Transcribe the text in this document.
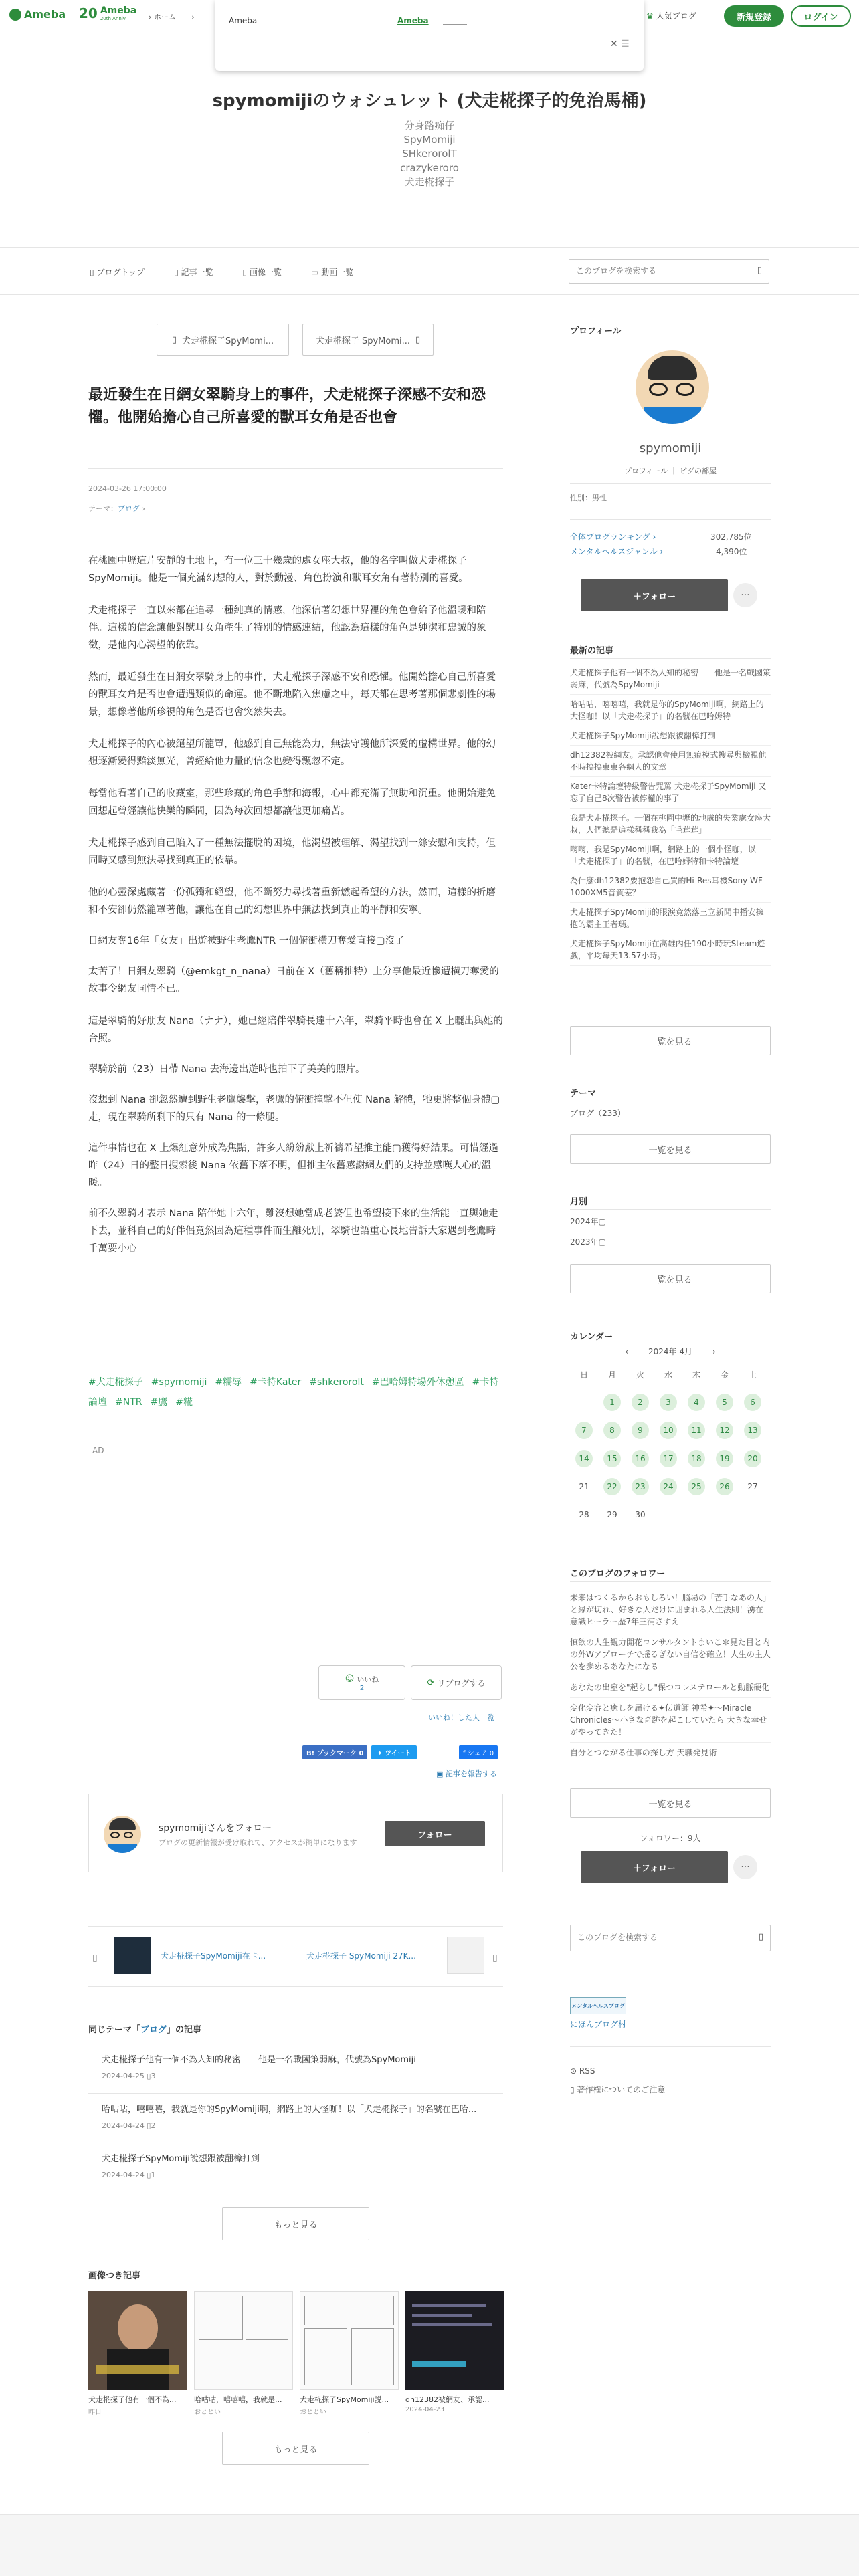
Ameba 20 Ameba
20th Anniv.	› ホーム ›	♛ 人気ブログ	新規登録	ログイン
Ameba	Ameba
✕ ☰
spymomijiのウォシュレット (犬走椛探子的免治馬桶)
分身路痴仔
SpyMomiji
SHkerorolT
crazykeroro
犬走椛探子
▯ ブログトップ	▯ 記事一覧	▯ 画像一覧	▭ 動画一覧
このブログを検索する	▯
▯ 犬走椛探子SpyMomi...	犬走椛探子 SpyMomi... ▯
最近發生在日網女翠騎身上的事件，犬走椛探子深感不安和恐懼。他開始擔心自己所喜愛的獸耳女角是否也會
2024-03-26 17:00:00
テーマ：ブログ ›
在桃園中壢這片安靜的土地上，有一位三十幾歲的處女座大叔，他的名字叫做犬走椛探子 SpyMomiji。他是一個充滿幻想的人，對於動漫、角色扮演和獸耳女角有著特別的喜愛。
犬走椛探子一直以來都在追尋一種純真的情感，他深信著幻想世界裡的角色會給予他溫暖和陪伴。這樣的信念讓他對獸耳女角產生了特別的情感連結，他認為這樣的角色是純潔和忠誠的象徵，是他內心渴望的依靠。
然而，最近發生在日網女翠騎身上的事件，犬走椛探子深感不安和恐懼。他開始擔心自己所喜愛的獸耳女角是否也會遭遇類似的命運。他不斷地陷入焦慮之中，每天都在思考著那個悲劇性的場景，想像著他所珍視的角色是否也會突然失去。
犬走椛探子的內心被絕望所籠罩，他感到自己無能為力，無法守護他所深愛的虛構世界。他的幻想逐漸變得黯淡無光，曾經給他力量的信念也變得飄忽不定。
每當他看著自己的收藏室，那些珍藏的角色手辦和海報，心中都充滿了無助和沉重。他開始避免回想起曾經讓他快樂的瞬間，因為每次回想都讓他更加痛苦。
犬走椛探子感到自己陷入了一種無法擺脫的困境，他渴望被理解、渴望找到一絲安慰和支持，但同時又感到無法尋找到真正的依靠。
他的心靈深處藏著一份孤獨和絕望，他不斷努力尋找著重新燃起希望的方法，然而，這樣的折磨和不安卻仍然籠罩著他，讓他在自己的幻想世界中無法找到真正的平靜和安寧。
日網友奪16年「女友」出遊被野生老鷹NTR 一個俯衝橫刀奪愛直接▢沒了
太苦了！日網友翠騎（@emkgt_n_nana）日前在 X（舊稱推特）上分享他最近慘遭橫刀奪愛的故事令網友同情不已。
這是翠騎的好朋友 Nana（ナナ），她已經陪伴翠騎長達十六年，翠騎平時也會在 X 上曬出與她的合照。
翠騎於前（23）日帶 Nana 去海邊出遊時也拍下了美美的照片。
沒想到 Nana 卻忽然遭到野生老鷹襲擊，老鷹的俯衝撞擊不但使 Nana 解體，牠更將整個身體▢走，現在翠騎所剩下的只有 Nana 的一條腿。
這件事情也在 X 上爆紅意外成為焦點，許多人紛紛獻上祈禱希望推主能▢獲得好結果。可惜經過昨（24）日的整日搜索後 Nana 依舊下落不明，但推主依舊感謝網友們的支持並感嘆人心的溫暖。
前不久翠騎才表示 Nana 陪伴她十六年，難沒想她當成老婆但也希望接下來的生活能一直與她走下去，並科自己的好伴侶竟然因為這種事件而生離死別，翠騎也語重心長地告訴大家遇到老鷹時千萬要小心
#犬走椛探子 #spymomiji #糯辱 #卡特Kater #shkerorolt #巴哈姆特場外休憩區 #卡特論壇 #NTR #鷹 #糀
AD
☺ いいね
2
⟳ リブログする
いいね！した人一覧
B! ブックマーク 0	✦ ツイート	f シェア 0
▣ 記事を報告する
spymomijiさんをフォロー
ブログの更新情報が受け取れて、アクセスが簡単になります
フォロー
▯	犬走椛探子SpyMomiji在卡...	犬走椛探子 SpyMomiji 27K...	▯
同じテーマ「ブログ」の記事
犬走椛探子他有一個不為人知的秘密——他是一名戰國策弱麻，代號為SpyMomiji
2024-04-25 ▯3
哈咕咕，嘻嘻嘻，我就是你的SpyMomiji啊，網路上的大怪咖！以「犬走椛探子」的名號在巴哈...
2024-04-24 ▯2
犬走椛探子SpyMomiji說想跟被翻樟打到
2024-04-24 ▯1
もっと見る
画像つき記事
犬走椛探子他有一個不為...
昨日
哈咕咕，嘻嘻嘻，我就是...
おととい
犬走椛探子SpyMomiji説...
おととい
dh12382被網友、承認...
2024-04-23
もっと見る
プロフィール
spymomiji
プロフィール ｜ ピグの部屋
性別：男性
全体ブログランキング ›	302,785位
メンタルヘルスジャンル ›	4,390位
＋フォロー	···
最新の記事
犬走椛探子他有一個不為人知的秘密——他是一名戰國策弱麻，代號為SpyMomiji
哈咕咕，嘻嘻嘻，我就是你的SpyMomiji啊，網路上的大怪咖！以「犬走椛探子」的名號在巴哈姆特
犬走椛探子SpyMomiji說想跟被翻樟打到
dh12382被網友。承認他會使用無痕模式搜尋與檢視他不時搞搞東東各網人的文章
Kater卡特論壇特級警告咒罵 犬走椛探子SpyMomiji 又忘了自己8次警告被停權的事了
我是犬走椛探子。一個在桃園中壢的地處的失業處女座大叔，人們總是這樣稱稱我為「毛茸茸」
嗨嗨，我是SpyMomiji啊，網路上的一個小怪咖，以「犬走椛探子」的名號，在巴哈姆特和卡特論壇
為什麼dh12382要抱怨自己買的Hi-Res耳機Sony WF-1000XM5音質差？
犬走椛探子SpyMomiji的眼淚竟然落三立新聞中播安擁抱的霸主王者瑪。
犬走椛探子SpyMomiji在高雄內任190小時玩Steam遊戲，平均每天13.57小時。
一覧を見る
テーマ
ブログ（233）
一覧を見る
月別
2024年▢
2023年▢
一覧を見る
カレンダー
‹	2024年 4月	›
日	月	火	水	木	金	土
	1	2	3	4	5	6
7	8	9	10	11	12	13
14	15	16	17	18	19	20
21	22	23	24	25	26	27
28	29	30				
このブログのフォロワー
未来はつくるからおもしろい！脳場の「苦手なあの人」と縁が切れ、好きな人だけに囲まれる人生法則！湧在意識ヒーラー歴7年三浦さすえ
慎飲の人生観力開花コンサルタントまいこ＊見た目と内の外Wアプローチで揺るぎない自信を確立！人生の主人公を歩めるあなたになる
あなたの出窒を"起らし"保つコレステロールと動脈硬化
変化変容と癒しを届ける✦伝道師 神希✦～Miracle Chronicles～小さな奇跡を起こしていたら 大きな幸せがやってきた！
自分とつながる仕事の探し方 天職発見術
一覧を見る
フォロワー：9人
＋フォロー	···
このブログを検索する
▯
メンタルヘルスブログ
にほんブログ村
⊙ RSS
▯ 著作権についてのご注意
